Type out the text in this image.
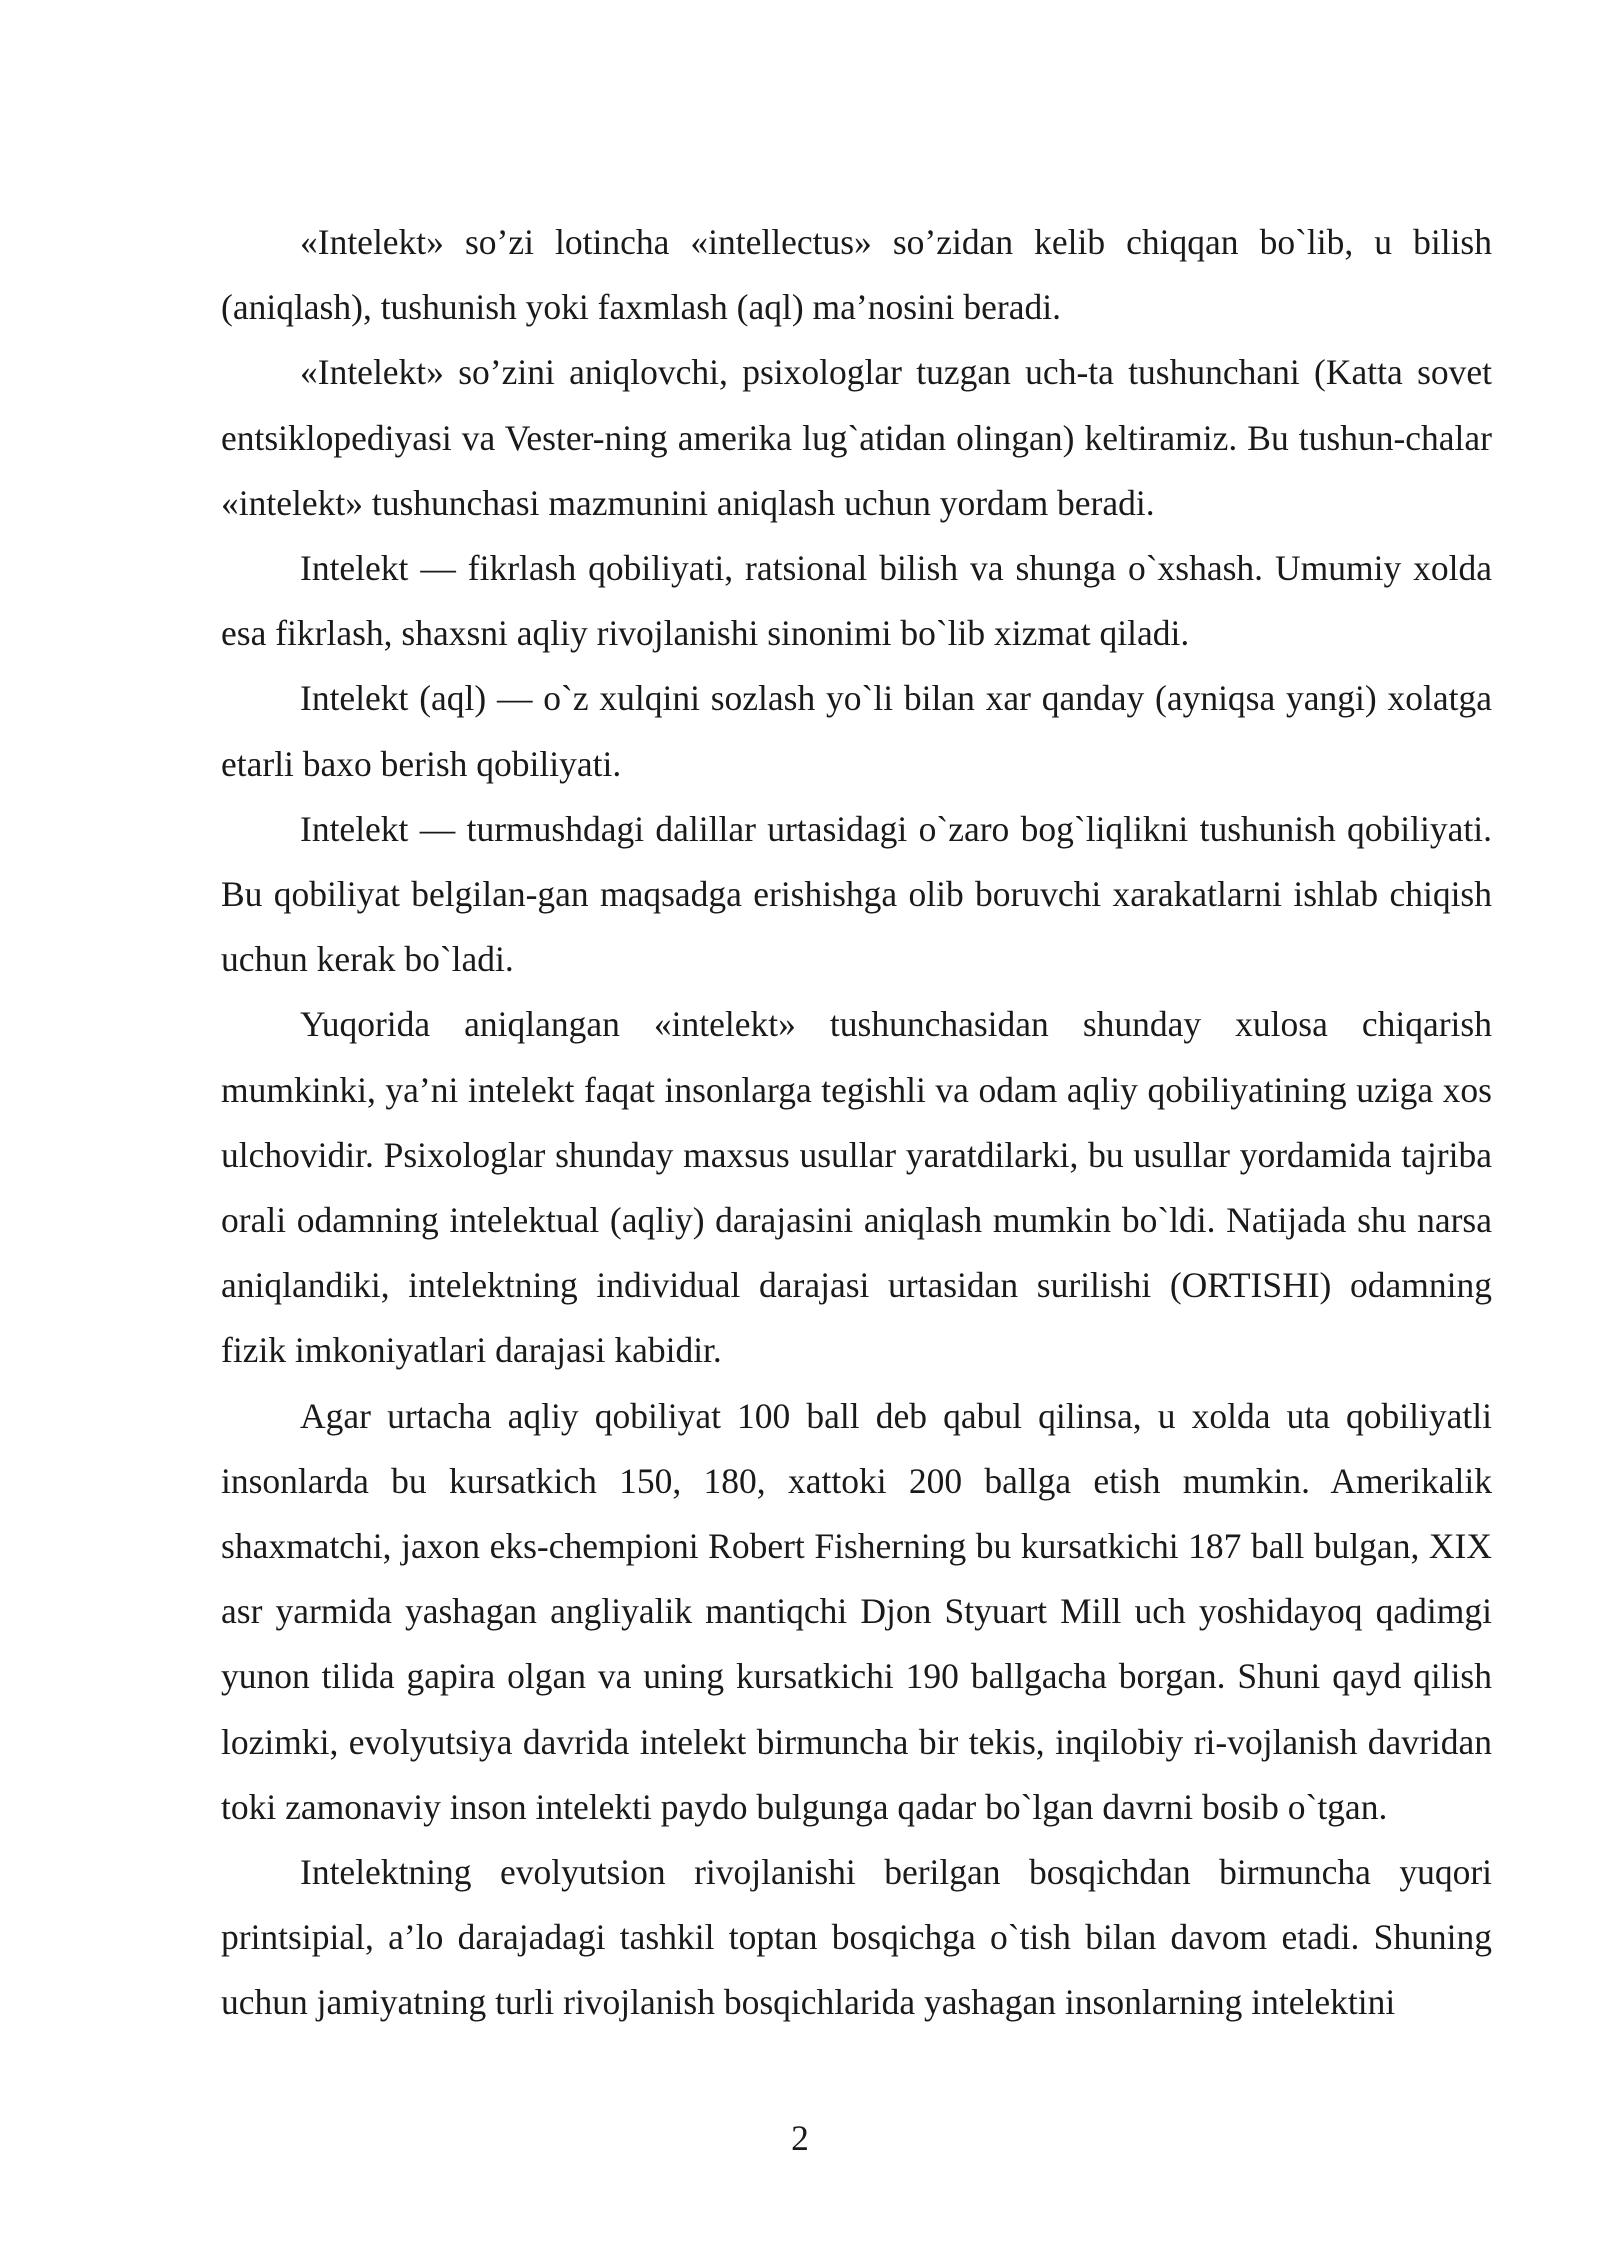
«Intelekt» so’zi lotincha «intellectus» so’zidan kelib chiqqan bo`lib, u bilish (aniqlash), tushunish yoki faxmlash (aql) ma’nosini beradi.

«Intelekt» so’zini aniqlovchi, psixologlar tuzgan uch-ta tushunchani (Katta sovet entsiklopediyasi va Vester-ning amerika lug`atidan olingan) keltiramiz. Bu tushun-chalar «intelekt» tushunchasi mazmunini aniqlash uchun yordam beradi.

Intelekt — fikrlash qobiliyati, ratsional bilish va shunga o`xshash. Umumiy xolda esa fikrlash, shaxsni aqliy rivojlanishi sinonimi bo`lib xizmat qiladi.

Intelekt (aql) — o`z xulqini sozlash yo`li bilan xar qanday (ayniqsa yangi) xolatga etarli baxo berish qobiliyati.

Intelekt — turmushdagi dalillar urtasidagi o`zaro bog`liqlikni tushunish qobiliyati. Bu qobiliyat belgilan-gan maqsadga erishishga olib boruvchi xarakatlarni ishlab chiqish uchun kerak bo`ladi.

Yuqorida aniqlangan «intelekt» tushunchasidan shunday xulosa chiqarish mumkinki, ya’ni intelekt faqat insonlarga tegishli va odam aqliy qobiliyatining uziga xos ulchovidir. Psixologlar shunday maxsus usullar yaratdilarki, bu usullar yordamida tajriba orali odamning intelektual (aqliy) darajasini aniqlash mumkin bo`ldi. Natijada shu narsa aniqlandiki, intelektning individual darajasi urtasidan surilishi (ORTISHI) odamning fizik imkoniyatlari darajasi kabidir.

Agar urtacha aqliy qobiliyat 100 ball deb qabul qilinsa, u xolda uta qobiliyatli insonlarda bu kursatkich 150, 180, xattoki 200 ballga etish mumkin. Amerikalik shaxmatchi, jaxon eks-chempioni Robert Fisherning bu kursatkichi 187 ball bulgan, XIX asr yarmida yashagan angliyalik mantiqchi Djon Styuart Mill uch yoshidayoq qadimgi yunon tilida gapira olgan va uning kursatkichi 190 ballgacha borgan. Shuni qayd qilish lozimki, evolyutsiya davrida intelekt birmuncha bir tekis, inqilobiy ri-vojlanish davridan toki zamonaviy inson intelekti paydo bulgunga qadar bo`lgan davrni bosib o`tgan.

Intelektning evolyutsion rivojlanishi berilgan bosqichdan birmuncha yuqori printsipial, a’lo darajadagi tashkil toptan bosqichga o`tish bilan davom etadi. Shuning uchun jamiyatning turli rivojlanish bosqichlarida yashagan insonlarning intelektini

2
